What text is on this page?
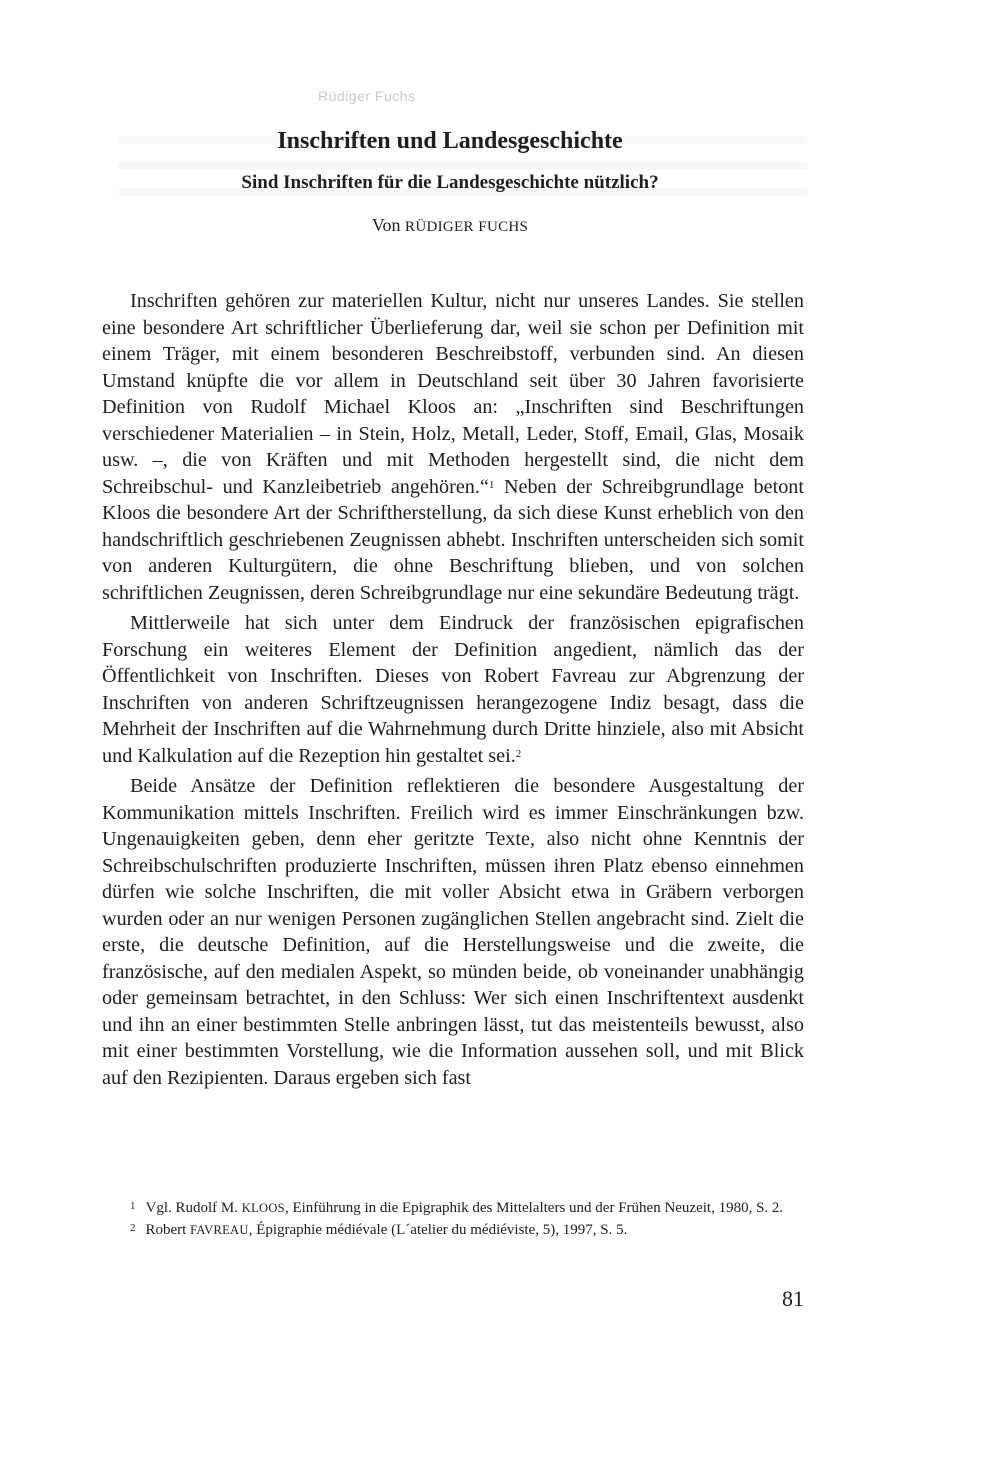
Rüdiger Fuchs
Inschriften und Landesgeschichte
Sind Inschriften für die Landesgeschichte nützlich?
Von RÜDIGER FUCHS

Inschriften gehören zur materiellen Kultur, nicht nur unseres Landes. Sie stellen eine besondere Art schriftlicher Überlieferung dar, weil sie schon per Definition mit einem Träger, mit einem besonderen Beschreibstoff, verbunden sind. An diesen Umstand knüpfte die vor allem in Deutschland seit über 30 Jahren favorisierte Definition von Rudolf Michael Kloos an: „Inschriften sind Beschriftungen verschiedener Materialien – in Stein, Holz, Metall, Leder, Stoff, Email, Glas, Mosaik usw. –, die von Kräften und mit Methoden hergestellt sind, die nicht dem Schreibschul- und Kanzleibetrieb angehören.“$^1$ Neben der Schreibgrundlage betont Kloos die besondere Art der Schriftherstellung, da sich diese Kunst erheblich von den handschriftlich geschriebenen Zeugnissen abhebt. Inschriften unterscheiden sich somit von anderen Kulturgütern, die ohne Beschriftung blieben, und von solchen schriftlichen Zeugnissen, deren Schreibgrundlage nur eine sekundäre Bedeutung trägt.

Mittlerweile hat sich unter dem Eindruck der französischen epigrafischen Forschung ein weiteres Element der Definition angedient, nämlich das der Öffentlichkeit von Inschriften. Dieses von Robert Favreau zur Abgrenzung der Inschriften von anderen Schriftzeugnissen herangezogene Indiz besagt, dass die Mehrheit der Inschriften auf die Wahrnehmung durch Dritte hinziele, also mit Absicht und Kalkulation auf die Rezeption hin gestaltet sei.$^2$

Beide Ansätze der Definition reflektieren die besondere Ausgestaltung der Kommunikation mittels Inschriften. Freilich wird es immer Einschränkungen bzw. Ungenauigkeiten geben, denn eher geritzte Texte, also nicht ohne Kenntnis der Schreibschulschriften produzierte Inschriften, müssen ihren Platz ebenso einnehmen dürfen wie solche Inschriften, die mit voller Absicht etwa in Gräbern verborgen wurden oder an nur wenigen Personen zugänglichen Stellen angebracht sind. Zielt die erste, die deutsche Definition, auf die Herstellungsweise und die zweite, die französische, auf den medialen Aspekt, so münden beide, ob voneinander unabhängig oder gemeinsam betrachtet, in den Schluss: Wer sich einen Inschriftentext ausdenkt und ihn an einer bestimmten Stelle anbringen lässt, tut das meistenteils bewusst, also mit einer bestimmten Vorstellung, wie die Information aussehen soll, und mit Blick auf den Rezipienten. Daraus ergeben sich fast

$^1$ Vgl. Rudolf M. KLOOS, Einführung in die Epigraphik des Mittelalters und der Frühen Neuzeit, 1980, S. 2.

$^2$ Robert FAVREAU, Épigraphie médiévale (L´atelier du médiéviste, 5), 1997, S. 5.

81
